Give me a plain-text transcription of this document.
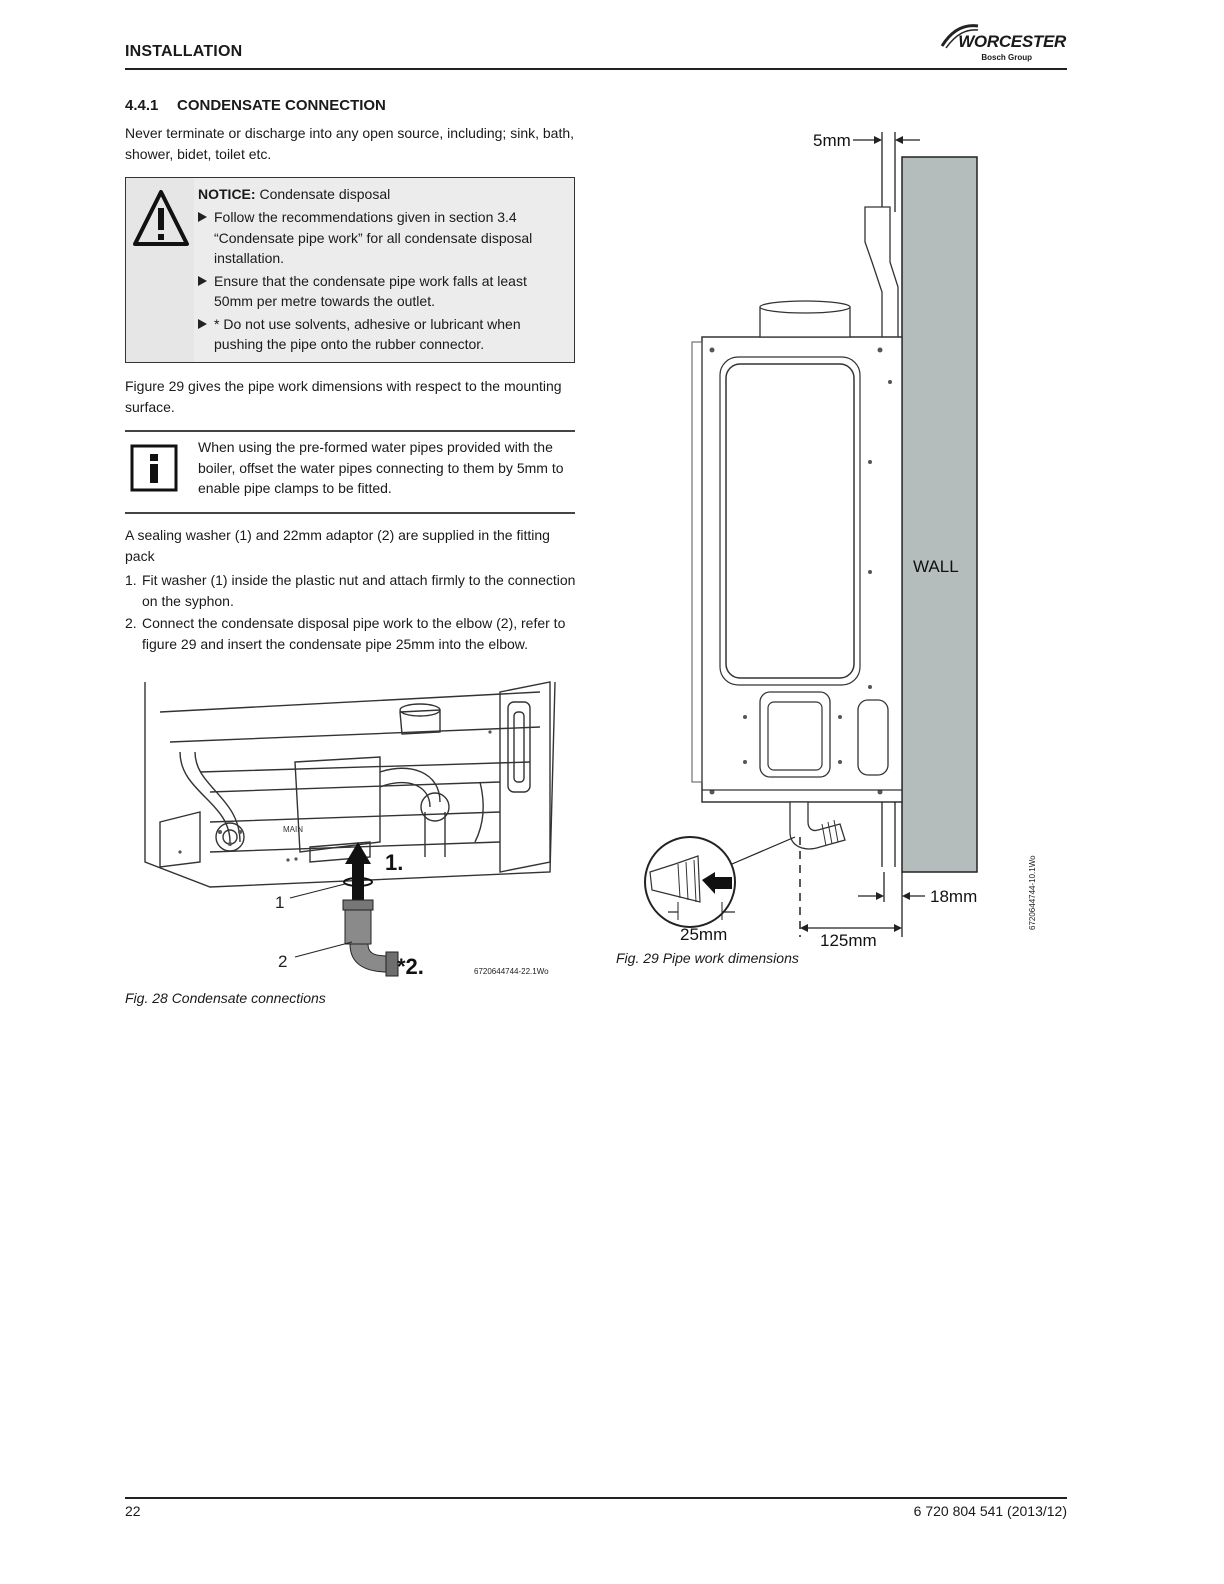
INSTALLATION
WORCESTER
Bosch Group
4.4.1 CONDENSATE CONNECTION
Never terminate or discharge into any open source, including; sink, bath, shower, bidet, toilet etc.
NOTICE: Condensate disposal
Follow the recommendations given in section 3.4 “Condensate pipe work” for all condensate disposal installation.
Ensure that the condensate pipe work falls at least 50mm per metre towards the outlet.
* Do not use solvents, adhesive or lubricant when pushing the pipe onto the rubber connector.
Figure 29 gives the pipe work dimensions with respect to the mounting surface.
When using the pre-formed water pipes provided with the boiler, offset the water pipes connecting to them by 5mm to enable pipe clamps to be fitted.
A sealing washer (1) and 22mm adaptor (2) are supplied in the fitting pack
1. Fit washer (1) inside the plastic nut and attach firmly to the connection on the syphon.
2. Connect the condensate disposal pipe work to the elbow (2), refer to figure 29 and insert the condensate pipe 25mm into the elbow.
MAIN
1.
*2.
1
2
6720644744-22.1Wo
Fig. 28 Condensate connections
WALL
5mm
18mm
125mm
25mm
6720644744-10.1Wo
Fig. 29 Pipe work dimensions
22	6 720 804 541 (2013/12)
